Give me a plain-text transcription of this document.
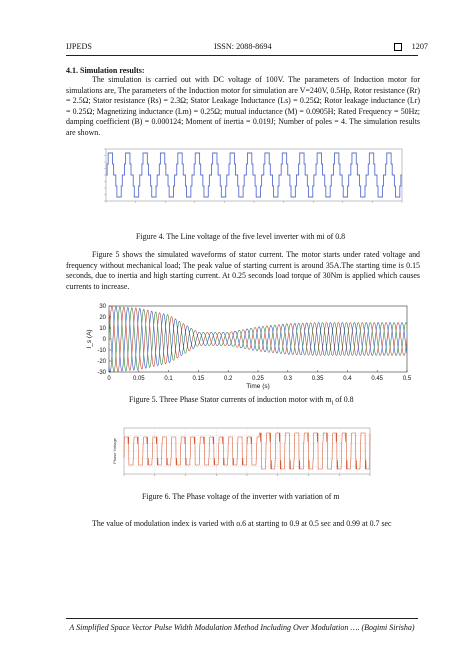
IJPEDS	ISSN: 2088-8694	1207
4.1. Simulation results:
The simulation is carried out with DC voltage of 100V. The parameters of Induction motor for simulations are, The parameters of the Induction motor for simulation are V=240V, 0.5Hp, Rotor resistance (Rr) = 2.5Ω; Stator resistance (Rs) = 2.3Ω; Stator Leakage Inductance (Ls) = 0.25Ω; Rotor leakage inductance (Lr) = 0.25Ω; Magnetizing inductance (Lm) = 0.25Ω; mutual inductance (M) = 0.0905H; Rated Frequency = 50Hz; damping coefficient (B) = 0.000124; Moment of inertia = 0.019J; Number of poles = 4. The simulation results are shown.
Figure 4. The Line voltage of the five level inverter with mi of 0.8
Figure 5 shows the simulated waveforms of stator current. The motor starts under rated voltage and frequency without mechanical load; The peak value of starting current is around 35A.The starting time is 0.15 seconds, due to inertia and high starting current. At 0.25 seconds load torque of 30Nm is applied which causes currents to increase.
0	0.05	0.1	0.15	0.2	0.25	0.3	0.35	0.4	0.45	0.5
30
20
10
0
-10
-20
-30
Time (s)
I_s (A)
Figure 5. Three Phase Stator currents of induction motor with $m_i$ of 0.8
Phase Voltage
Figure 6. The Phase voltage of the inverter with variation of m
The value of modulation index is varied with o.6 at starting to 0.9 at 0.5 sec and 0.99 at 0.7 sec
A Simplified Space Vector Pulse Width Modulation Method Including Over Modulation …. (Bogimi Sirisha)
